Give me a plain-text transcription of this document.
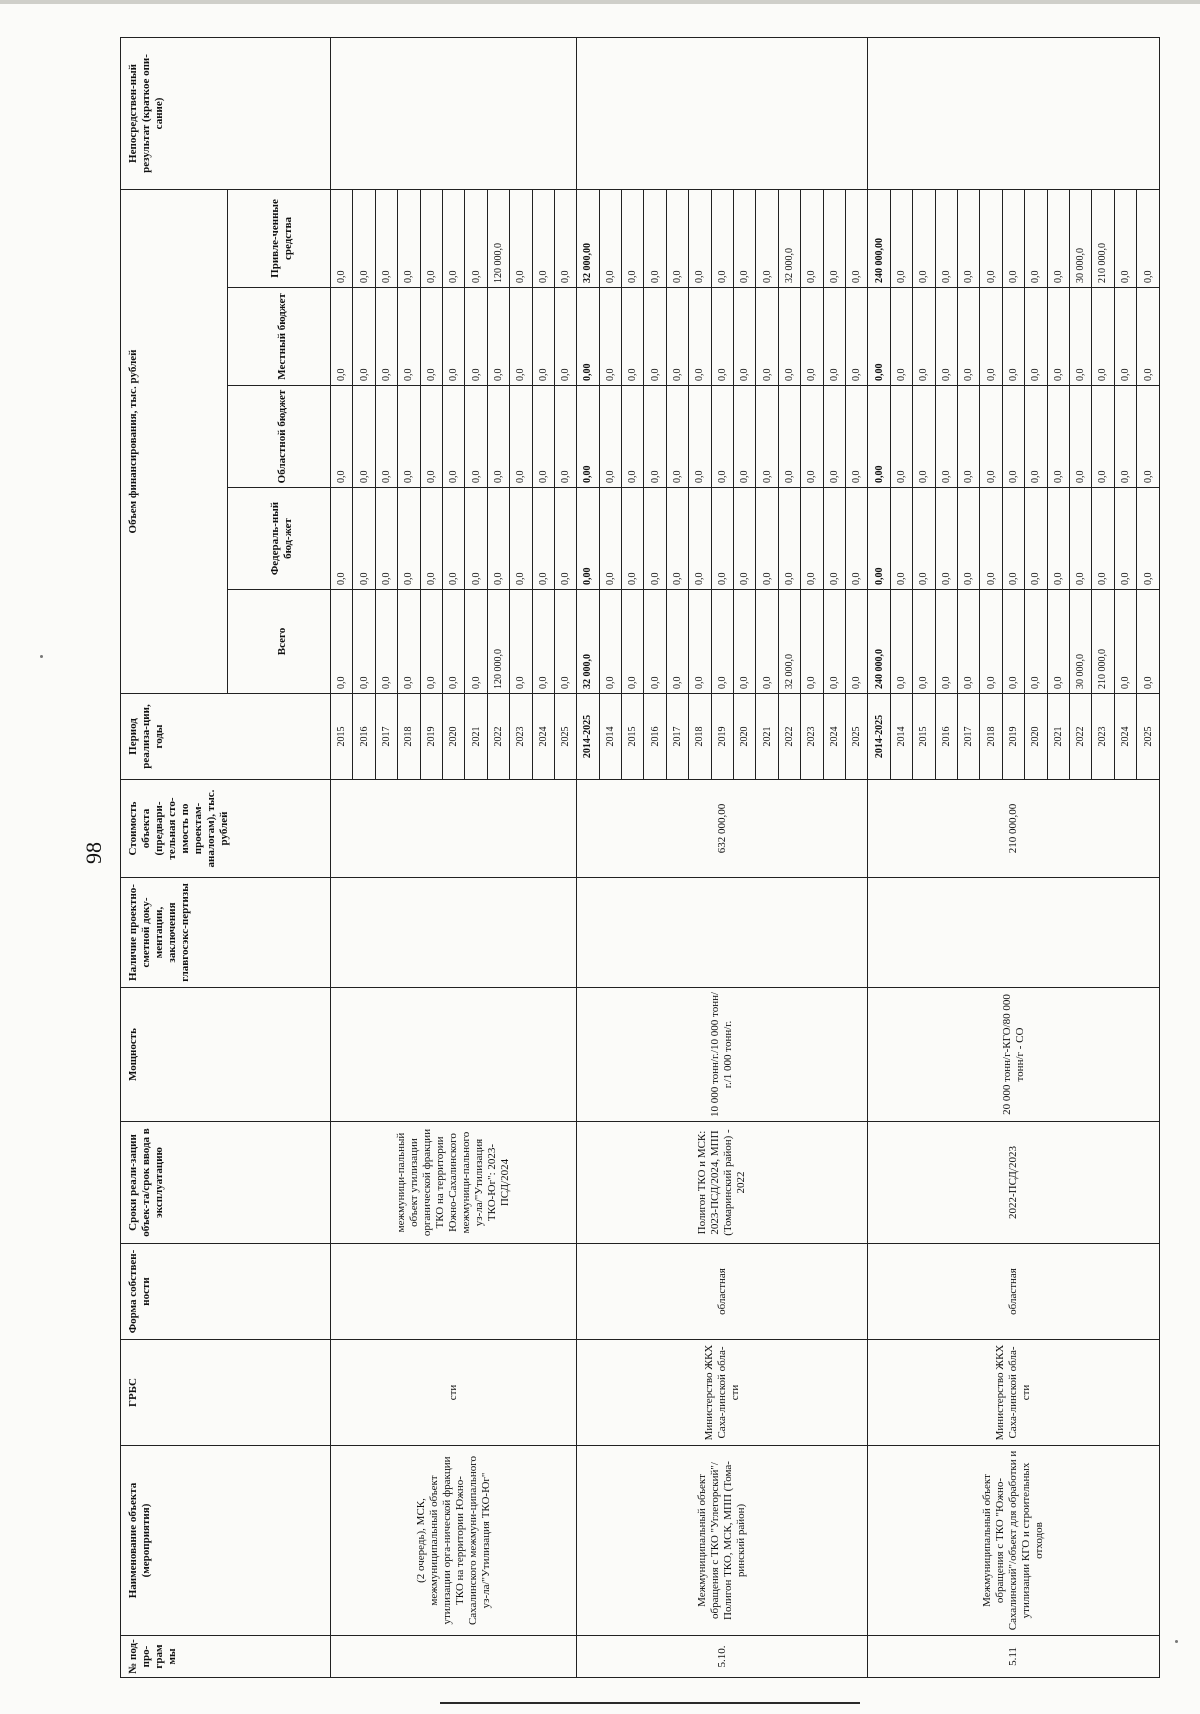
98
№ под-про-грам мы	Наименование объекта (мероприятия)	ГРБС	Форма собствен-ности	Сроки реали-зации объек-та/срок ввода в эксплуатацию	Мощность	Наличие проектно-сметной доку-ментации, заключения главгосэкс-пертизы	Стоимость объекта (предвари-тельная сто-имость по проектам-аналогам), тыс. рублей	Период реализа-ции, годы	Объем финансирования, тыс. рублей					Непосредствен-ный результат (краткое опи-сание)
									Всего	Федераль-ный бюд-жет	Областной бюджет	Местный бюджет	Привле-ченные средства	
	(2 очередь), МСК, межмуниципальный объект утилизации орга-нической фракции ТКО на территории Южно-Сахалинского межмуни-ципального уз-ла/"Утилизация ТКО-Юг"	сти		межмуници-пальный объект утилизации органической фракции ТКО на территории Южно-Сахалинского межмуници-пального уз-ла/"Утилизация ТКО-Юг": 2023-ПСД/2024				2015	0,0	0,0	0,0	0,0	0,0	
								2016	0,0	0,0	0,0	0,0	0,0	
								2017	0,0	0,0	0,0	0,0	0,0	
								2018	0,0	0,0	0,0	0,0	0,0	
								2019	0,0	0,0	0,0	0,0	0,0	
								2020	0,0	0,0	0,0	0,0	0,0	
								2021	0,0	0,0	0,0	0,0	0,0	
								2022	120 000,0	0,0	0,0	0,0	120 000,0	
								2023	0,0	0,0	0,0	0,0	0,0	
								2024	0,0	0,0	0,0	0,0	0,0	
								2025	0,0	0,0	0,0	0,0	0,0	
5.10.	Межмуниципальный объект обращения с ТКО "Углегорский"/Полигон ТКО, МСК, МПП (Тома-ринский район)	Министерство ЖКХ Саха-линской обла-сти	областная	Полигон ТКО и МСК: 2023-ПСД/2024, МПП (Томаринский район) - 2022	10 000 тонн/г./10 000 тонн/г./1 000 тонн/г.		632 000,00	2014-2025	32 000,0	0,00	0,00	0,00	32 000,00	
								2014	0,0	0,0	0,0	0,0	0,0	
								2015	0,0	0,0	0,0	0,0	0,0	
								2016	0,0	0,0	0,0	0,0	0,0	
								2017	0,0	0,0	0,0	0,0	0,0	
								2018	0,0	0,0	0,0	0,0	0,0	
								2019	0,0	0,0	0,0	0,0	0,0	
								2020	0,0	0,0	0,0	0,0	0,0	
								2021	0,0	0,0	0,0	0,0	0,0	
								2022	32 000,0	0,0	0,0	0,0	32 000,0	
								2023	0,0	0,0	0,0	0,0	0,0	
								2024	0,0	0,0	0,0	0,0	0,0	
								2025	0,0	0,0	0,0	0,0	0,0	
5.11	Межмуниципальный объект обращения с ТКО "Южно-Сахалинский"/объект для обработки и утилизации КГО и строительных отходов	Министерство ЖКХ Саха-линской обла-сти	областная	2022-ПСД/2023	20 000 тонн/г-КГО/80 000 тонн/г - СО		210 000,00	2014-2025	240 000,0	0,00	0,00	0,00	240 000,00	
								2014	0,0	0,0	0,0	0,0	0,0	
								2015	0,0	0,0	0,0	0,0	0,0	
								2016	0,0	0,0	0,0	0,0	0,0	
								2017	0,0	0,0	0,0	0,0	0,0	
								2018	0,0	0,0	0,0	0,0	0,0	
								2019	0,0	0,0	0,0	0,0	0,0	
								2020	0,0	0,0	0,0	0,0	0,0	
								2021	0,0	0,0	0,0	0,0	0,0	
								2022	30 000,0	0,0	0,0	0,0	30 000,0	
								2023	210 000,0	0,0	0,0	0,0	210 000,0	
								2024	0,0	0,0	0,0	0,0	0,0	
								2025	0,0	0,0	0,0	0,0	0,0	
